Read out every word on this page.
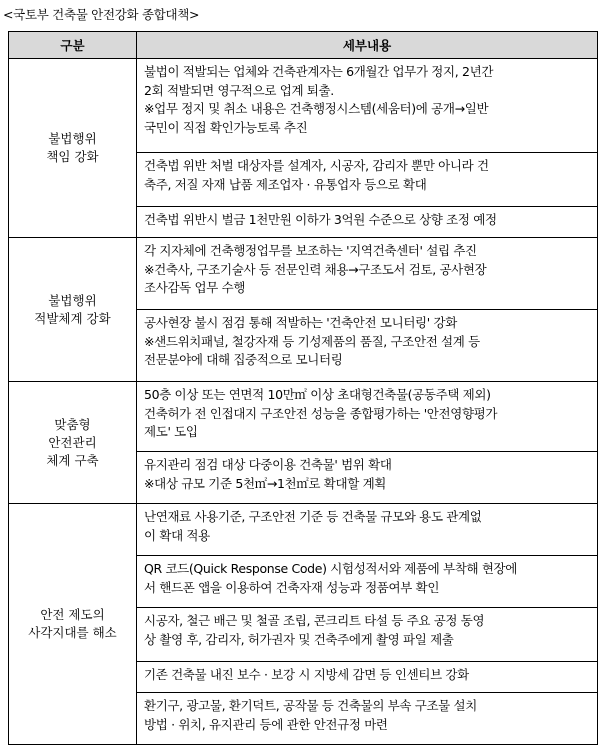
<국토부 건축물 안전강화 종합대책>
구분	세부내용

불법행위
책임 강화	불법이 적발되는 업체와 건축관계자는 6개월간 업무가 정지, 2년간
2회 적발되면 영구적으로 업계 퇴출.
※업무 정지 및 취소 내용은 건축행정시스템(세움터)에 공개→일반
국민이 직접 확인가능토록 추진

	건축법 위반 처벌 대상자를 설계자, 시공자, 감리자 뿐만 아니라 건
축주, 저질 자재 납품 제조업자 · 유통업자 등으로 확대

	건축법 위반시 벌금 1천만원 이하가 3억원 수준으로 상향 조정 예정

불법행위
적발체계 강화	각 지자체에 건축행정업무를 보조하는 '지역건축센터' 설립 추진
※건축사, 구조기술사 등 전문인력 채용→구조도서 검토, 공사현장
조사감독 업무 수행

	공사현장 불시 점검 통해 적발하는 '건축안전 모니터링' 강화
※샌드위치패널, 철강자재 등 기성제품의 품질, 구조안전 설계 등
전문분야에 대해 집중적으로 모니터링

맞춤형
안전관리
체계 구축	50층 이상 또는 연면적 10만㎡ 이상 초대형건축물(공동주택 제외)
건축허가 전 인접대지 구조안전 성능을 종합평가하는 '안전영향평가
제도' 도입

	유지관리 점검 대상 다중이용 건축물' 범위 확대
※대상 규모 기준 5천㎡→1천㎡로 확대할 계획

안전 제도의
사각지대를 해소	난연재료 사용기준, 구조안전 기준 등 건축물 규모와 용도 관계없
이 확대 적용

	QR 코드(Quick Response Code) 시험성적서와 제품에 부착해 현장에
서 핸드폰 앱을 이용하여 건축자재 성능과 정품여부 확인

	시공자, 철근 배근 및 철골 조립, 콘크리트 타설 등 주요 공정 동영
상 촬영 후, 감리자, 허가권자 및 건축주에게 촬영 파일 제출

	기존 건축물 내진 보수 · 보강 시 지방세 감면 등 인센티브 강화

	환기구, 광고물, 환기덕트, 공작물 등 건축물의 부속 구조물 설치
방법 · 위치, 유지관리 등에 관한 안전규정 마련
